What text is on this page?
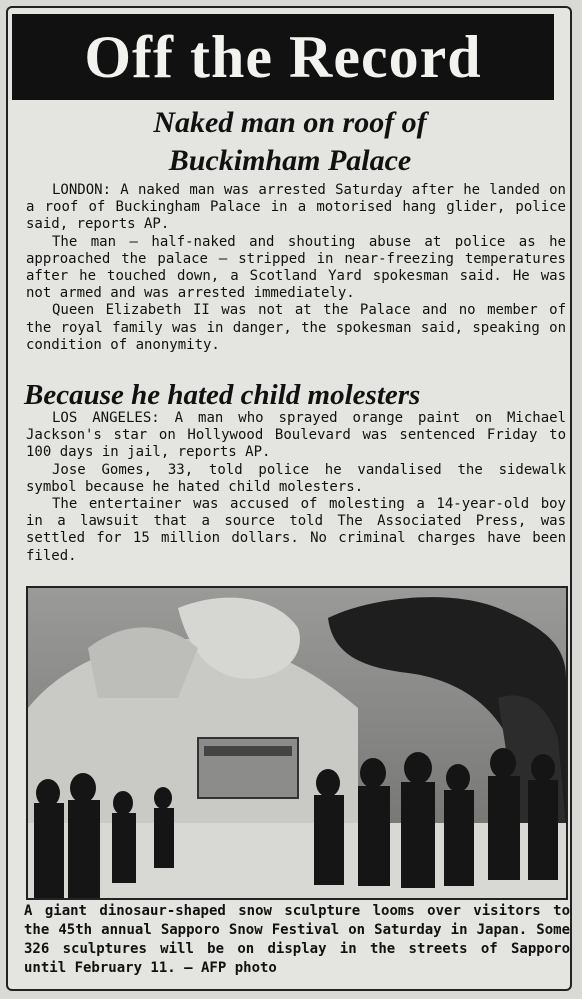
Off the Record
Naked man on roof of
Buckimham Palace

LONDON: A naked man was arrested Saturday after he landed on a roof of Buckingham Palace in a motorised hang glider, police said, reports AP.

The man — half-naked and shouting abuse at police as he approached the palace — stripped in near-freezing temperatures after he touched down, a Scotland Yard spokesman said. He was not armed and was arrested immediately.

Queen Elizabeth II was not at the Palace and no member of the royal family was in danger, the spokesman said, speaking on condition of anonymity.

Because he hated child molesters

LOS ANGELES: A man who sprayed orange paint on Michael Jackson's star on Hollywood Boulevard was sentenced Friday to 100 days in jail, reports AP.

Jose Gomes, 33, told police he vandalised the sidewalk symbol because he hated child molesters.

The entertainer was accused of molesting a 14-year-old boy in a lawsuit that a source told The Associated Press, was settled for 15 million dollars. No criminal charges have been filed.

A giant dinosaur-shaped snow sculpture looms over visitors to the 45th annual Sapporo Snow Festival on Saturday in Japan. Some 326 sculptures will be on display in the streets of Sapporo until February 11. — AFP photo
